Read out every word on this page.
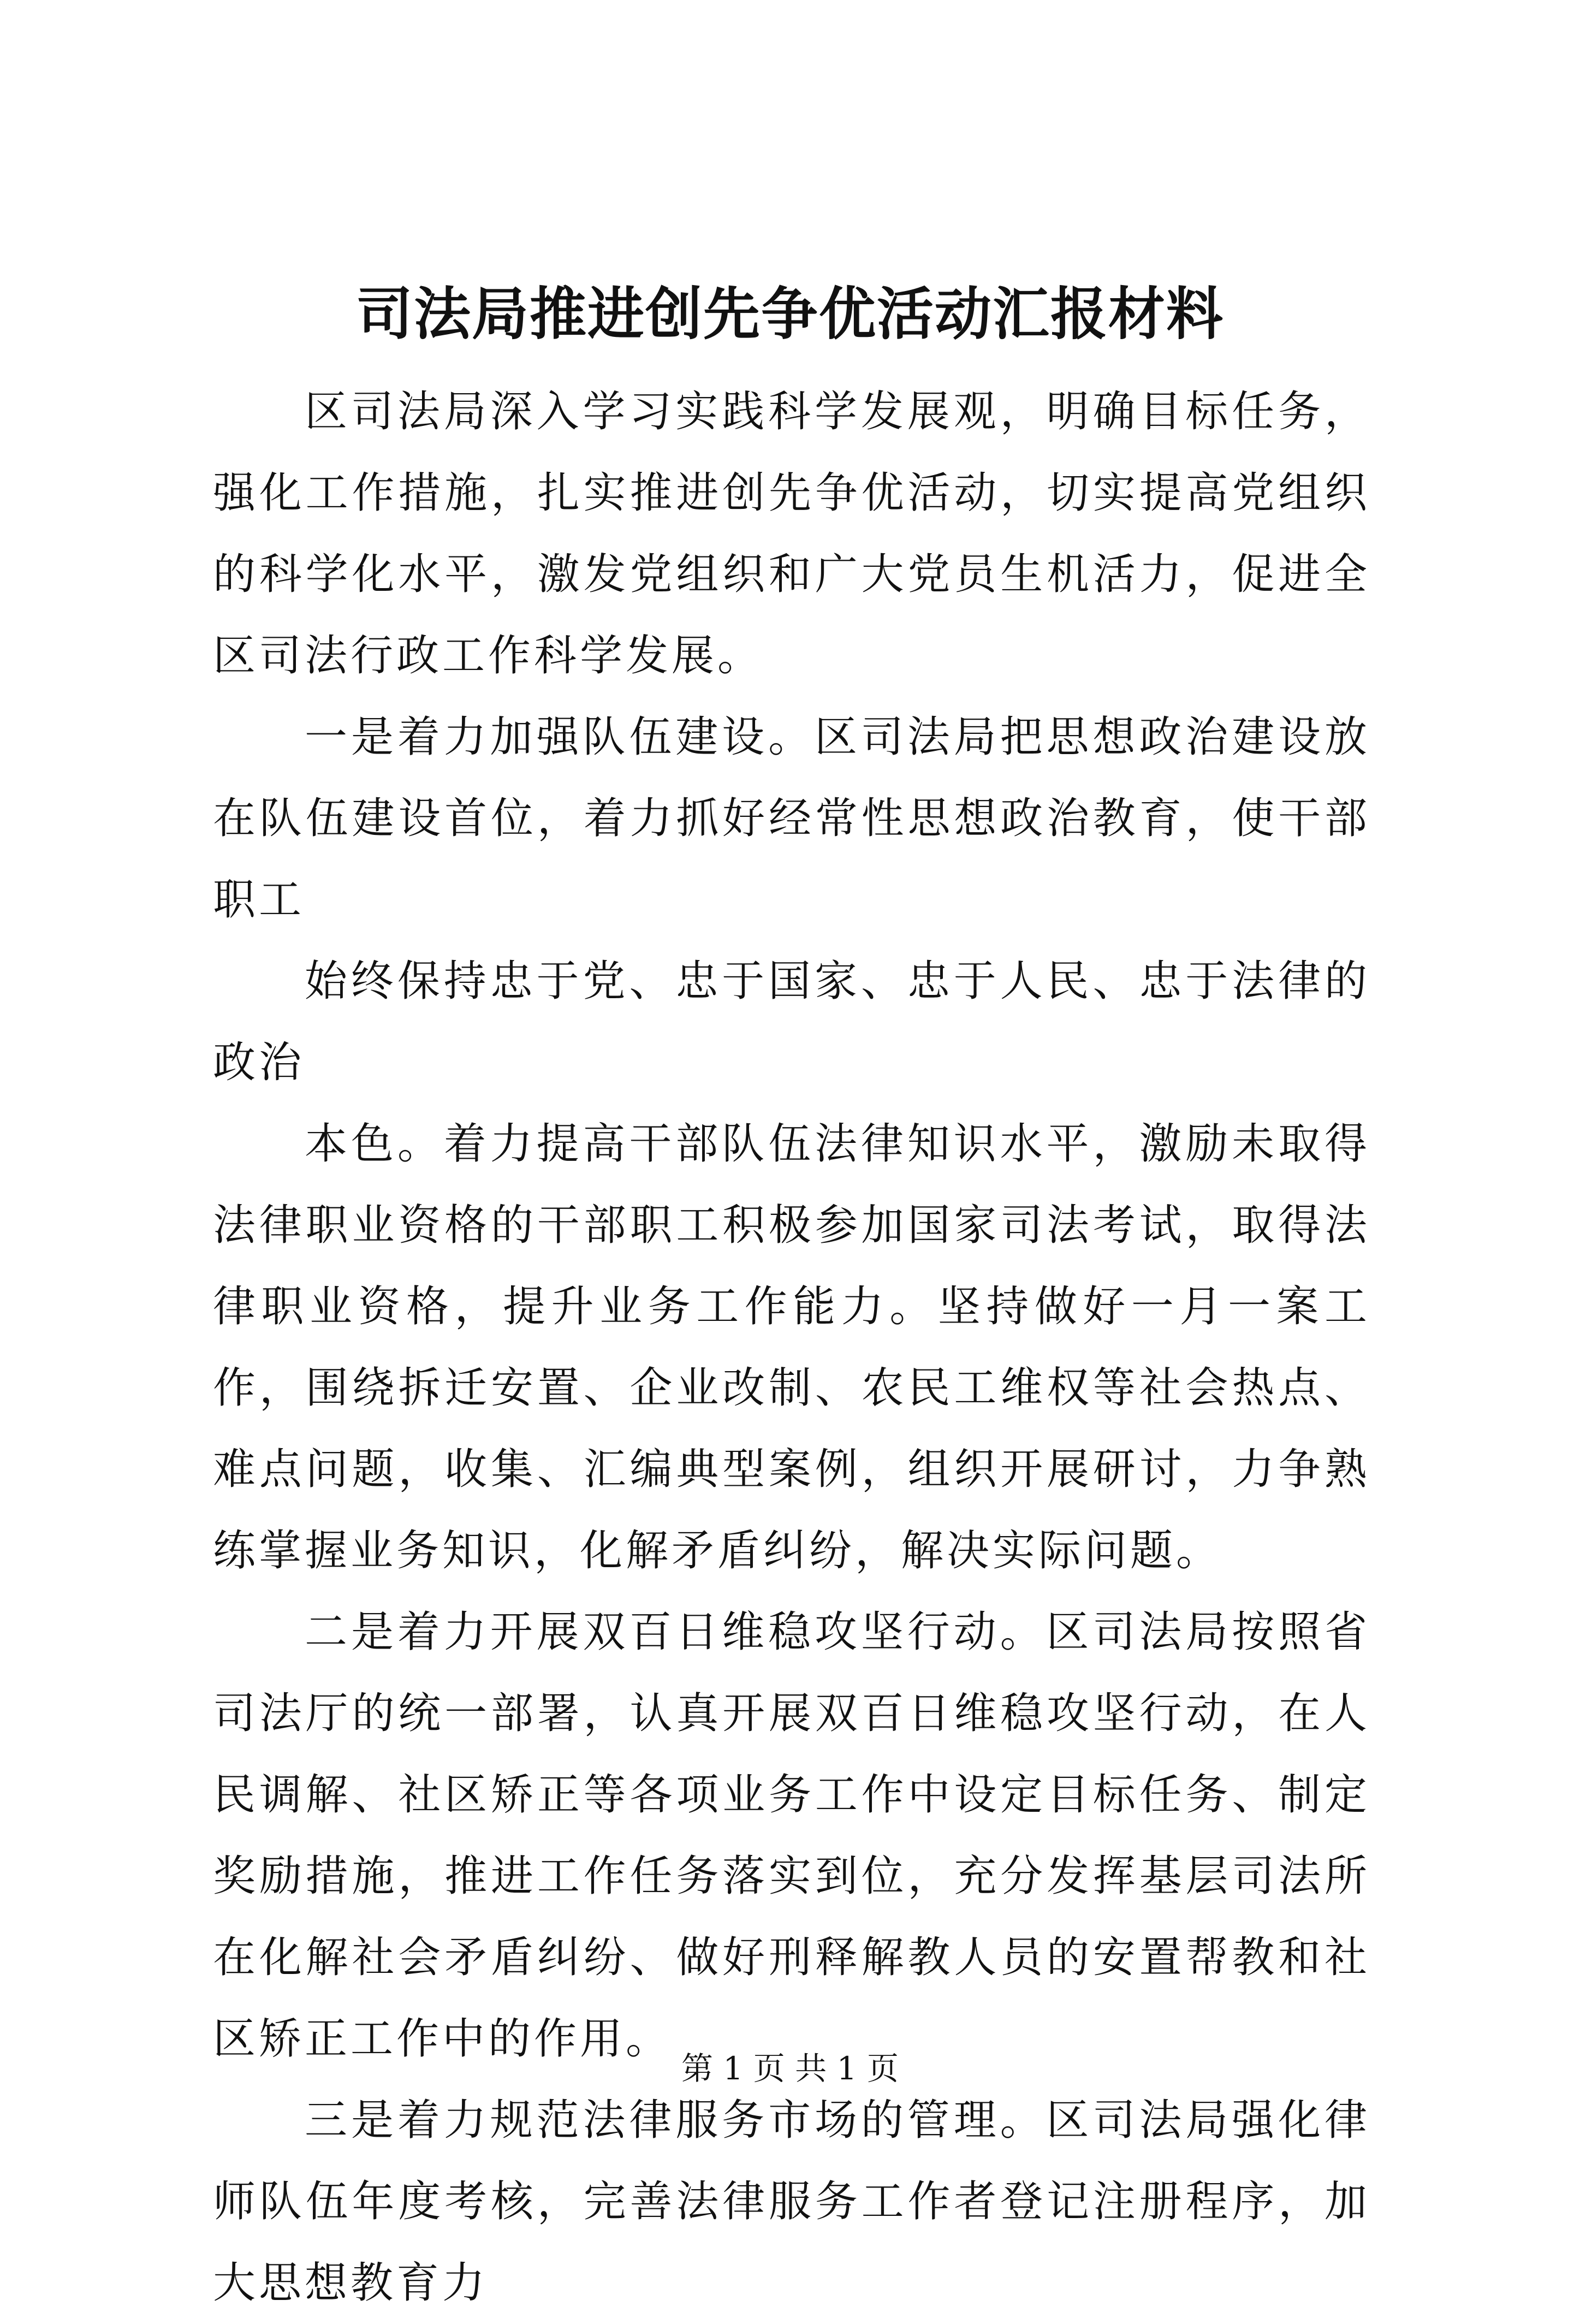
司法局推进创先争优活动汇报材料

区司法局深入学习实践科学发展观，明确目标任务，强化工作措施，扎实推进创先争优活动，切实提高党组织的科学化水平，激发党组织和广大党员生机活力，促进全区司法行政工作科学发展。

一是着力加强队伍建设。区司法局把思想政治建设放在队伍建设首位，着力抓好经常性思想政治教育，使干部职工

始终保持忠于党、忠于国家、忠于人民、忠于法律的政治

本色。着力提高干部队伍法律知识水平，激励未取得法律职业资格的干部职工积极参加国家司法考试，取得法律职业资格，提升业务工作能力。坚持做好一月一案工作，围绕拆迁安置、企业改制、农民工维权等社会热点、难点问题，收集、汇编典型案例，组织开展研讨，力争熟练掌握业务知识，化解矛盾纠纷，解决实际问题。

二是着力开展双百日维稳攻坚行动。区司法局按照省司法厅的统一部署，认真开展双百日维稳攻坚行动，在人民调解、社区矫正等各项业务工作中设定目标任务、制定奖励措施，推进工作任务落实到位，充分发挥基层司法所在化解社会矛盾纠纷、做好刑释解教人员的安置帮教和社区矫正工作中的作用。

三是着力规范法律服务市场的管理。区司法局强化律师队伍年度考核，完善法律服务工作者登记注册程序，加大思想教育力

第 1 页 共 1 页
